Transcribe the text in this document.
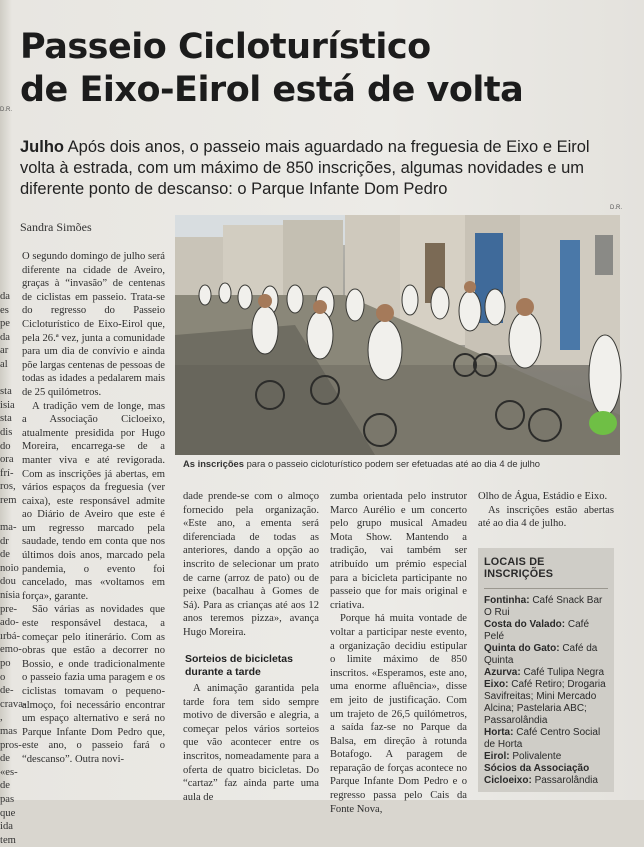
D.R.
Passeio Cicloturístico
de Eixo-Eirol está de volta

Julho Após dois anos, o passeio mais aguardado na freguesia de Eixo e Eirol volta à estrada, com um máximo de 850 inscrições, algumas novidades e um diferente ponto de descanso: o Parque Infante Dom Pedro

Sandra Simões
D.R.
As inscrições para o passeio cicloturístico podem ser efetuadas até ao dia 4 de julho
da
es
pe
da
ar
al

sta
isia
sta
dis
do
ora
frí-
ros,
rem

ma-
dr
de
noio
dou
nísia
pre-
ado-
ırbá-
emo-
po
o de-
crava-
, mas
pros-
de «es-
de pas
que
ida tem

O segundo domingo de julho será diferente na cidade de Aveiro, graças à “invasão” de centenas de ciclistas em passeio. Trata-se do regresso do Passeio Cicloturístico de Eixo-Eirol que, pela 26.ª vez, junta a comunidade para um dia de convívio e ainda põe largas centenas de pessoas de todas as idades a pedalarem mais de 25 quilómetros.

A tradição vem de longe, mas a Associação Cicloeixo, atualmente presidida por Hugo Moreira, encarrega-se de a manter viva e até revigorada. Com as inscrições já abertas, em vários espaços da freguesia (ver caixa), este responsável admite ao Diário de Aveiro que este é um regresso marcado pela saudade, tendo em conta que nos últimos dois anos, marcado pela pandemia, o evento foi cancelado, mas «voltamos em força», garante.

São várias as novidades que este responsável destaca, a começar pelo itinerário. Com as obras que estão a decorrer no Bossio, e onde tradicionalmente o passeio fazia uma paragem e os ciclistas tomavam o pequeno-almoço, foi necessário encontrar um espaço alternativo e será no Parque Infante Dom Pedro que, este ano, o passeio fará o “descanso”. Outra novi-

dade prende-se com o almoço fornecido pela organização. «Este ano, a ementa será diferenciada de todas as anteriores, dando a opção ao inscrito de selecionar um prato de carne (arroz de pato) ou de peixe (bacalhau à Gomes de Sá). Para as crianças até aos 12 anos teremos pizza», avança Hugo Moreira.

Sorteios de bicicletas durante a tarde

A animação garantida pela tarde fora tem sido sempre motivo de diversão e alegria, a começar pelos vários sorteios que vão acontecer entre os inscritos, nomeadamente para a oferta de quatro bicicletas. Do “cartaz” faz ainda parte uma aula de

zumba orientada pelo instrutor Marco Aurélio e um concerto pelo grupo musical Amadeu Mota Show. Mantendo a tradição, vai também ser atribuído um prémio especial para a bicicleta participante no passeio que for mais original e criativa.

Porque há muita vontade de voltar a participar neste evento, a organização decidiu estipular o limite máximo de 850 inscritos. «Esperamos, este ano, uma enorme afluência», disse em jeito de justificação. Com um trajeto de 26,5 quilómetros, a saída faz-se no Parque da Balsa, em direção à rotunda Botafogo. A paragem de reparação de forças acontece no Parque Infante Dom Pedro e o regresso passa pelo Cais da Fonte Nova,

Olho de Água, Estádio e Eixo.

As inscrições estão abertas até ao dia 4 de julho.

LOCAIS DE INSCRIÇÕES
Fontinha: Café Snack Bar O Rui
Costa do Valado: Café Pelé
Quinta do Gato: Café da Quinta
Azurva: Café Tulipa Negra
Eixo: Café Retiro; Drogaria Savifreitas; Mini Mercado Alcina; Pastelaria ABC; Passarolândia
Horta: Café Centro Social de Horta
Eirol: Polivalente
Sócios da Associação Cicloeixo: Passarolândia
